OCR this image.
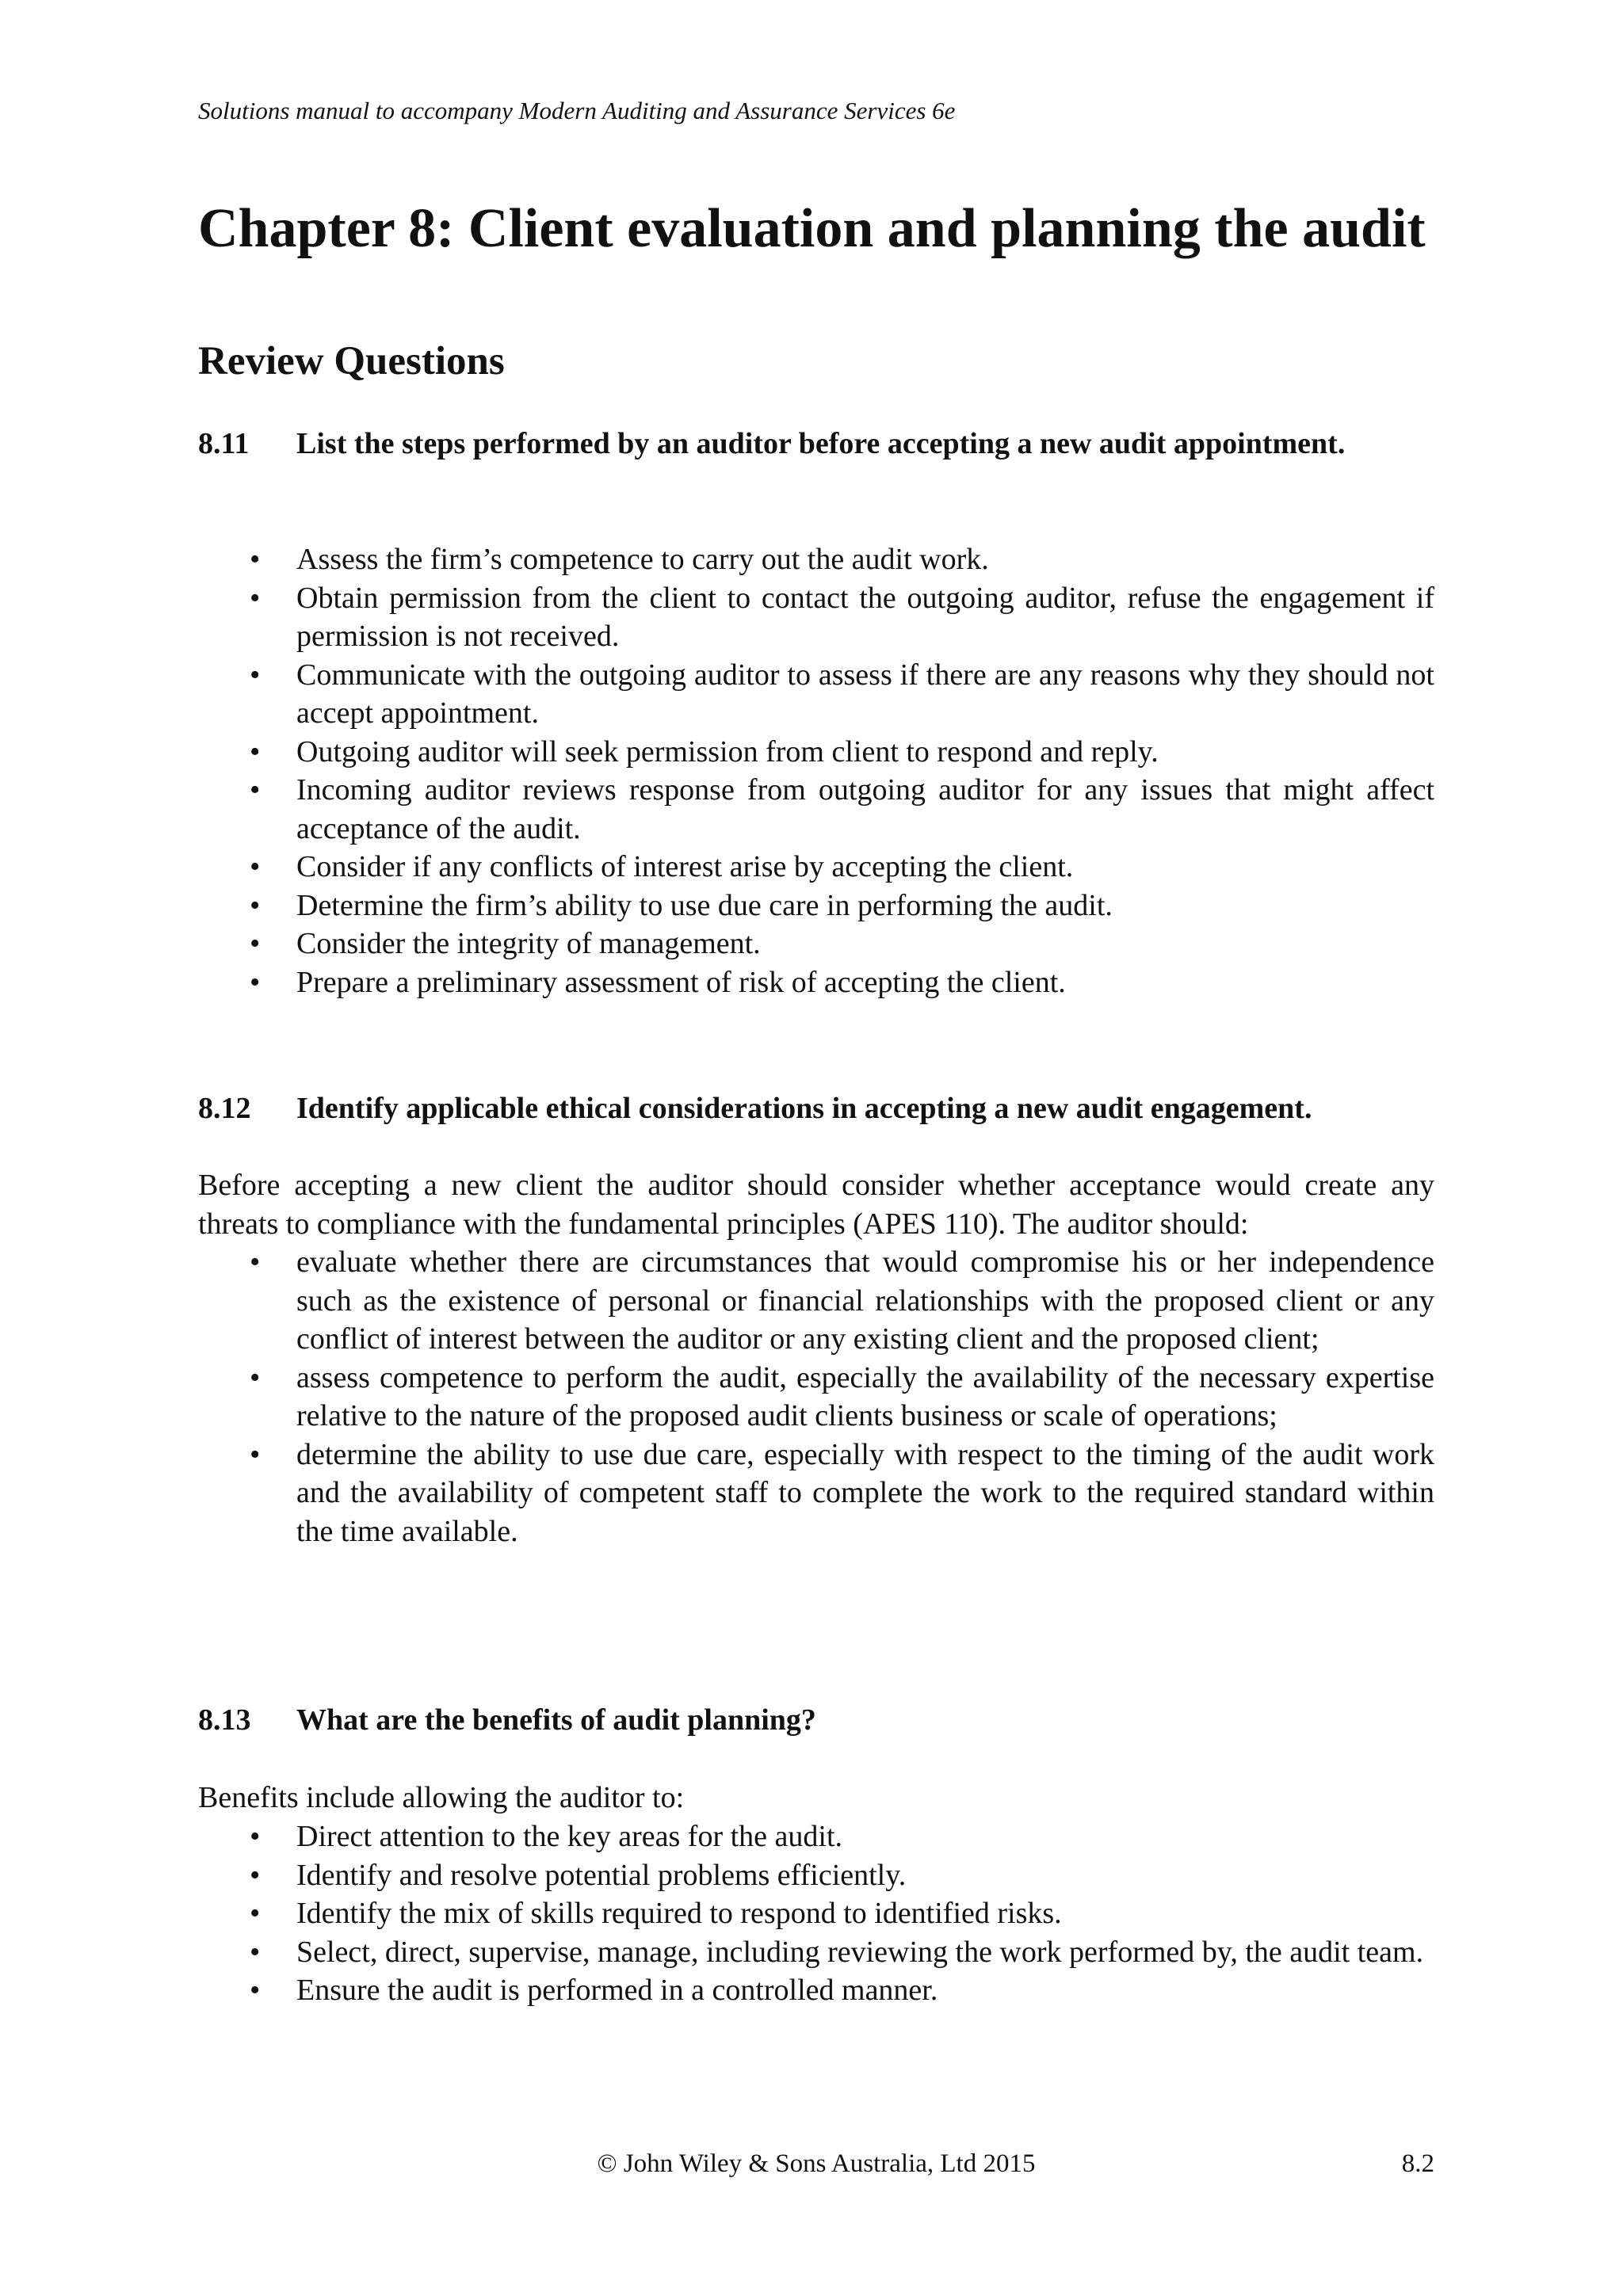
Solutions manual to accompany Modern Auditing and Assurance Services 6e
Chapter 8: Client evaluation and planning the audit
Review Questions
8.11	List the steps performed by an auditor before accepting a new audit appointment.
• Assess the firm’s competence to carry out the audit work.
• Obtain permission from the client to contact the outgoing auditor, refuse the engagement if permission is not received.
• Communicate with the outgoing auditor to assess if there are any reasons why they should not accept appointment.
• Outgoing auditor will seek permission from client to respond and reply.
• Incoming auditor reviews response from outgoing auditor for any issues that might affect acceptance of the audit.
• Consider if any conflicts of interest arise by accepting the client.
• Determine the firm’s ability to use due care in performing the audit.
• Consider the integrity of management.
• Prepare a preliminary assessment of risk of accepting the client.
8.12	Identify applicable ethical considerations in accepting a new audit engagement.

Before accepting a new client the auditor should consider whether acceptance would create any threats to compliance with the fundamental principles (APES 110). The auditor should:

• evaluate whether there are circumstances that would compromise his or her independence such as the existence of personal or financial relationships with the proposed client or any conflict of interest between the auditor or any existing client and the proposed client;
• assess competence to perform the audit, especially the availability of the necessary expertise relative to the nature of the proposed audit clients business or scale of operations;
• determine the ability to use due care, especially with respect to the timing of the audit work and the availability of competent staff to complete the work to the required standard within the time available.
8.13	What are the benefits of audit planning?

Benefits include allowing the auditor to:

• Direct attention to the key areas for the audit.
• Identify and resolve potential problems efficiently.
• Identify the mix of skills required to respond to identified risks.
• Select, direct, supervise, manage, including reviewing the work performed by, the audit team.
• Ensure the audit is performed in a controlled manner.
© John Wiley & Sons Australia, Ltd 2015	8.2
